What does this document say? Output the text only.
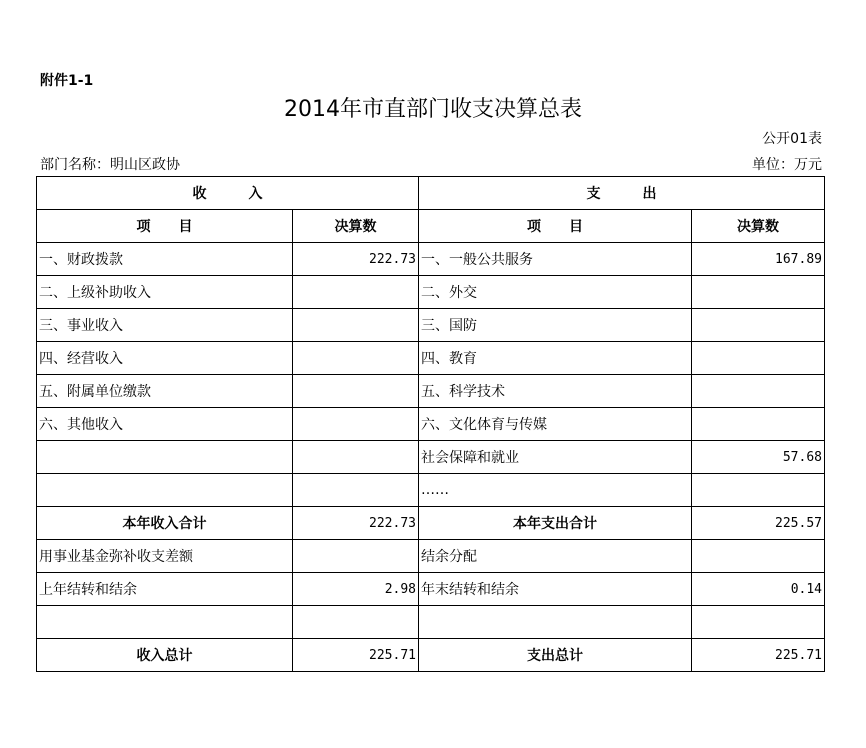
附件1-1
2014年市直部门收支决算总表
公开01表
部门名称：明山区政协	单位：万元
收　　　入		支　　　出	
项　　目	决算数	项　　目	决算数
一、财政拨款	222.73	一、一般公共服务	167.89
二、上级补助收入		二、外交	
三、事业收入		三、国防	
四、经营收入		四、教育	
五、附属单位缴款		五、科学技术	
六、其他收入		六、文化体育与传媒	
		社会保障和就业	57.68
		……	
本年收入合计	222.73	本年支出合计	225.57
用事业基金弥补收支差额		结余分配	
上年结转和结余	2.98	年末结转和结余	0.14

收入总计	225.71	支出总计	225.71
